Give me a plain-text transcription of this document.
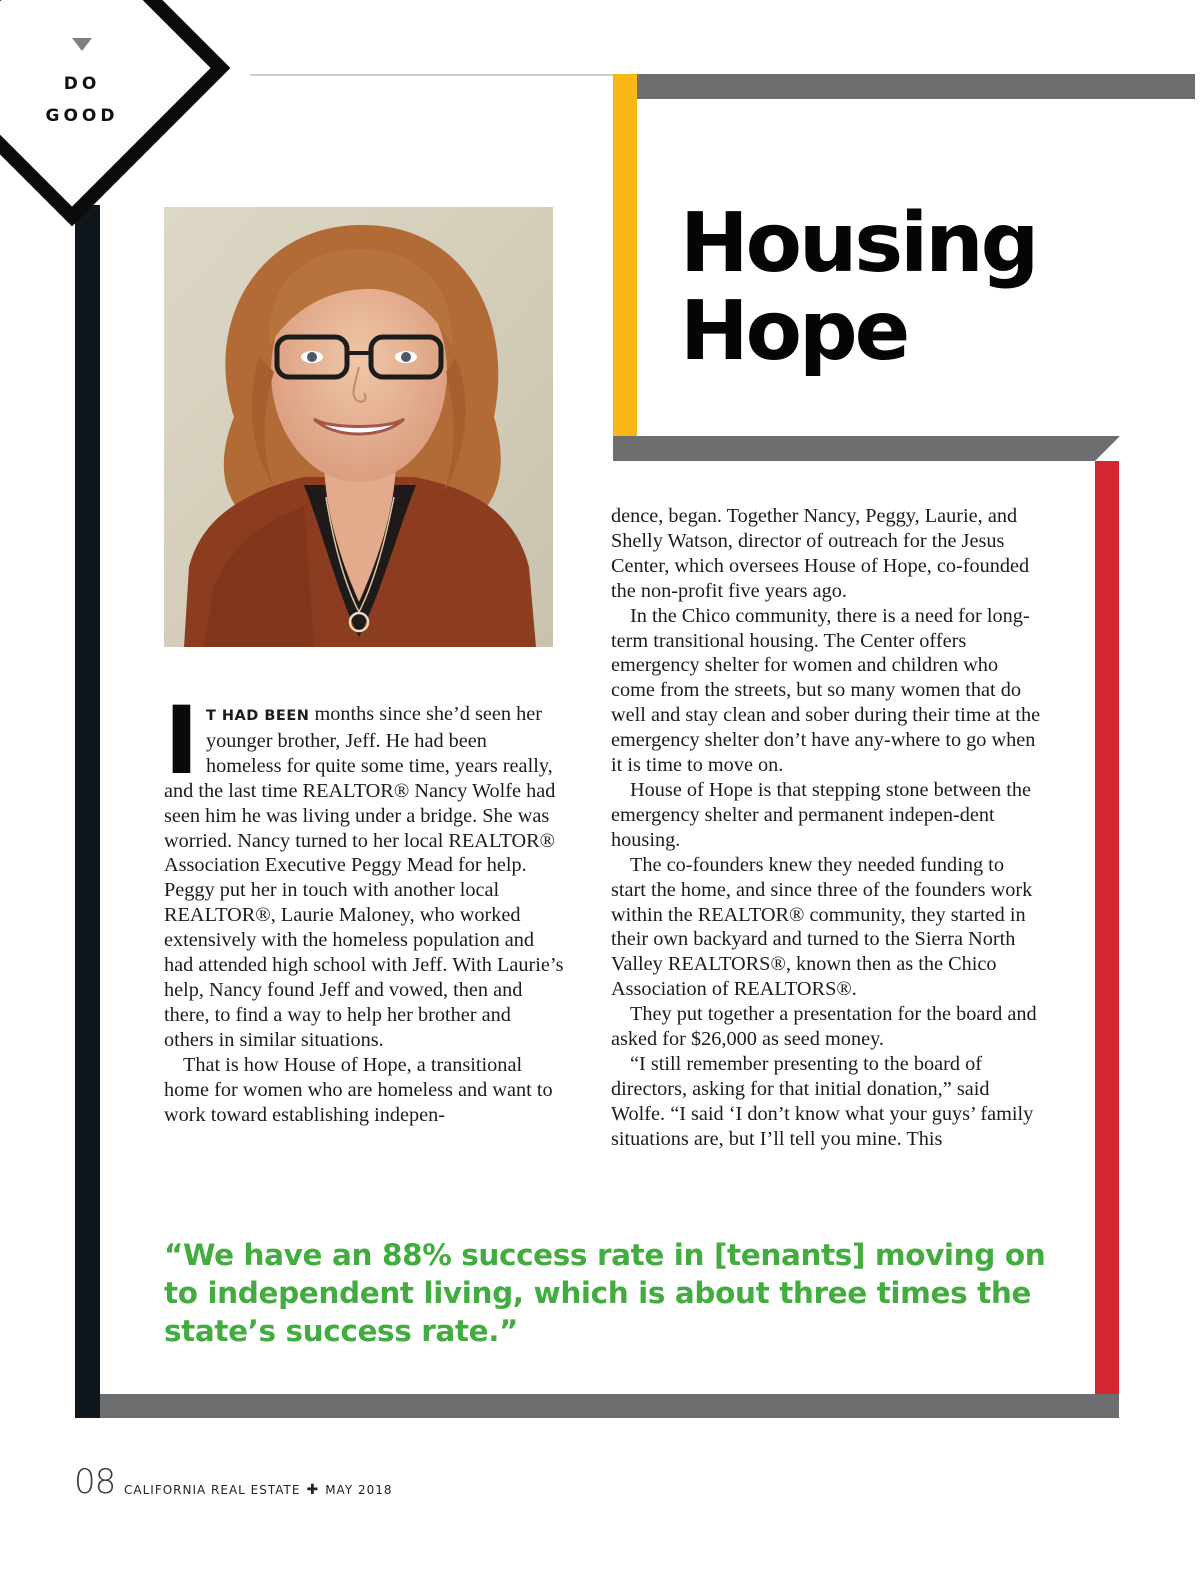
DO
GOOD
Housing
Hope

I T HAD BEEN months since she’d seen her younger brother, Jeff. He had been homeless for quite some time, years really, and the last time REALTOR® Nancy Wolfe had seen him he was living under a bridge. She was worried. Nancy turned to her local REALTOR® Association Executive Peggy Mead for help. Peggy put her in touch with another local REALTOR®, Laurie Maloney, who worked extensively with the homeless population and had attended high school with Jeff. With Laurie’s help, Nancy found Jeff and vowed, then and there, to find a way to help her brother and others in similar situations.

That is how House of Hope, a transitional home for women who are homeless and want to work toward establishing indepen-

dence, began. Together Nancy, Peggy, Laurie, and Shelly Watson, director of outreach for the Jesus Center, which oversees House of Hope, co-founded the non-profit five years ago.

In the Chico community, there is a need for long-term transitional housing. The Center offers emergency shelter for women and children who come from the streets, but so many women that do well and stay clean and sober during their time at the emergency shelter don’t have any-where to go when it is time to move on.

House of Hope is that stepping stone between the emergency shelter and permanent indepen-dent housing.

The co-founders knew they needed funding to start the home, and since three of the founders work within the REALTOR® community, they started in their own backyard and turned to the Sierra North Valley REALTORS®, known then as the Chico Association of REALTORS®.

They put together a presentation for the board and asked for $26,000 as seed money.

“I still remember presenting to the board of directors, asking for that initial donation,” said Wolfe. “I said ‘I don’t know what your guys’ family situations are, but I’ll tell you mine. This

“We have an 88% success rate in [tenants] moving on to independent living, which is about three times the state’s success rate.”

08 CALIFORNIA REAL ESTATE ✚ MAY 2018
